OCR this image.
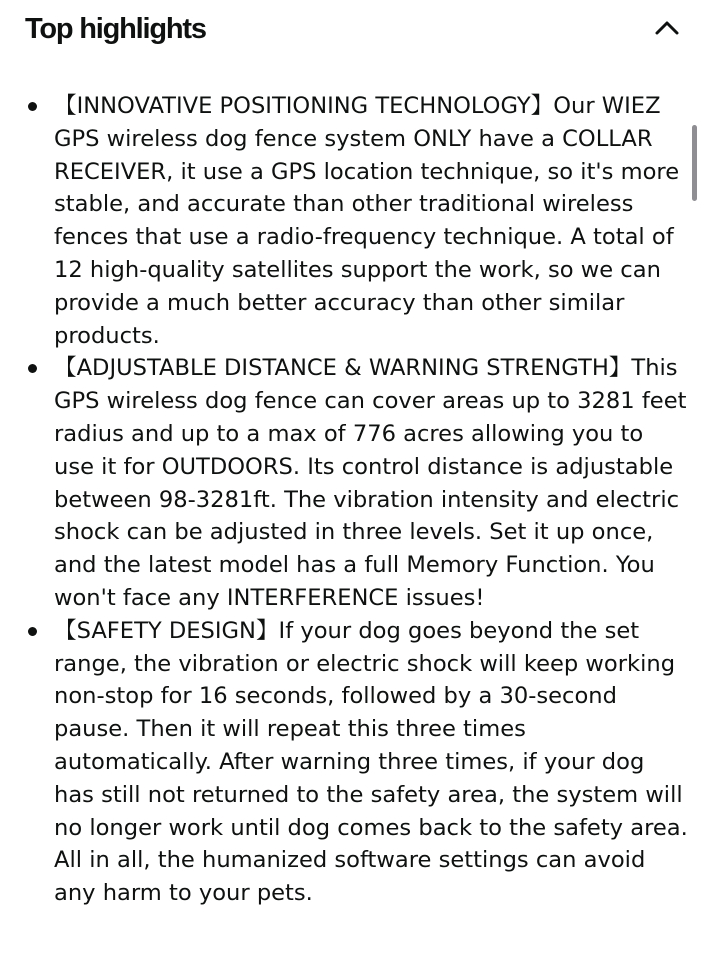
Top highlights
【INNOVATIVE POSITIONING TECHNOLOGY】Our WIEZ GPS wireless dog fence system ONLY have a COLLAR RECEIVER, it use a GPS location technique, so it's more stable, and accurate than other traditional wireless fences that use a radio-frequency technique. A total of 12 high-quality satellites support the work, so we can provide a much better accuracy than other similar products.
【ADJUSTABLE DISTANCE & WARNING STRENGTH】This GPS wireless dog fence can cover areas up to 3281 feet radius and up to a max of 776 acres allowing you to use it for OUTDOORS. Its control distance is adjustable between 98-3281ft. The vibration intensity and electric shock can be adjusted in three levels. Set it up once, and the latest model has a full Memory Function. You won't face any INTERFERENCE issues!
【SAFETY DESIGN】If your dog goes beyond the set range, the vibration or electric shock will keep working non-stop for 16 seconds, followed by a 30-second pause. Then it will repeat this three times automatically. After warning three times, if your dog has still not returned to the safety area, the system will no longer work until dog comes back to the safety area. All in all, the humanized software settings can avoid any harm to your pets.
